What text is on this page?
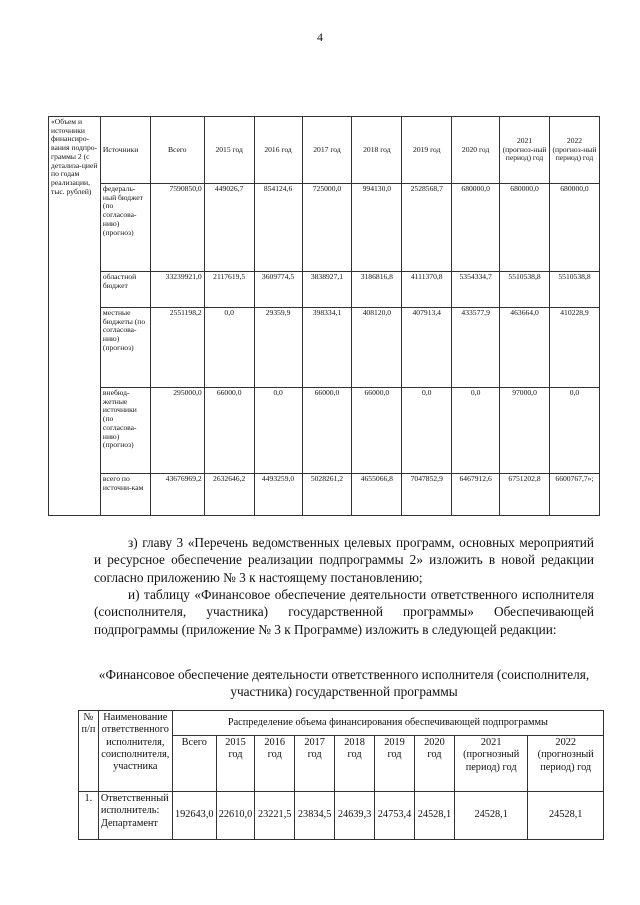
4
«Объем и источники финансиро-вания подпро-граммы 2 (с детализа-цией по годам реализации, тыс. рублей)	Источники	Всего	2015 год	2016 год	2017 год	2018 год	2019 год	2020 год	2021 (прогноз-ный период) год	2022 (прогноз-ный период) год
	федераль-ный бюджет (по согласова-нию) (прогноз)	7590850,0	449026,7	854124,6	725000,0	994130,0	2528568,7	680000,0	680000,0	680000,0
	областной бюджет	33239921,0	2117619,5	3609774,5	3838927,1	3186816,8	4111370,8	5354334,7	5510538,8	5510538,8
	местные бюджеты (по согласова-нию) (прогноз)	2551198,2	0,0	29359,9	398334,1	408120,0	407913,4	433577,9	463664,0	410228,9
	внебюд-жетные источники (по согласова-нию) (прогноз)	295000,0	66000,0	0,0	66000,0	66000,0	0,0	0,0	97000,0	0,0
	всего по источни-кам	43676969,2	2632646,2	4493259,0	5028261,2	4655066,8	7047852,9	6467912,6	6751202,8	6600767,7»;

з) главу 3 «Перечень ведомственных целевых программ, основных мероприятий и ресурсное обеспечение реализации подпрограммы 2» изложить в новой редакции согласно приложению № 3 к настоящему постановлению;

и) таблицу «Финансовое обеспечение деятельности ответственного исполнителя (соисполнителя, участника) государственной программы» Обеспечивающей подпрограммы (приложение № 3 к Программе) изложить в следующей редакции:

«Финансовое обеспечение деятельности ответственного исполнителя (соисполнителя, участника) государственной программы
№ п/п	Наименование ответственного исполнителя, соисполнителя, участника	Распределение объема финансирования обеспечивающей подпрограммы								
		Всего	2015 год	2016 год	2017 год	2018 год	2019 год	2020 год	2021 (прогнозный период) год	2022 (прогнозный период) год
1.	Ответственный исполнитель: Департамент	192643,0	22610,0	23221,5	23834,5	24639,3	24753,4	24528,1	24528,1	24528,1
